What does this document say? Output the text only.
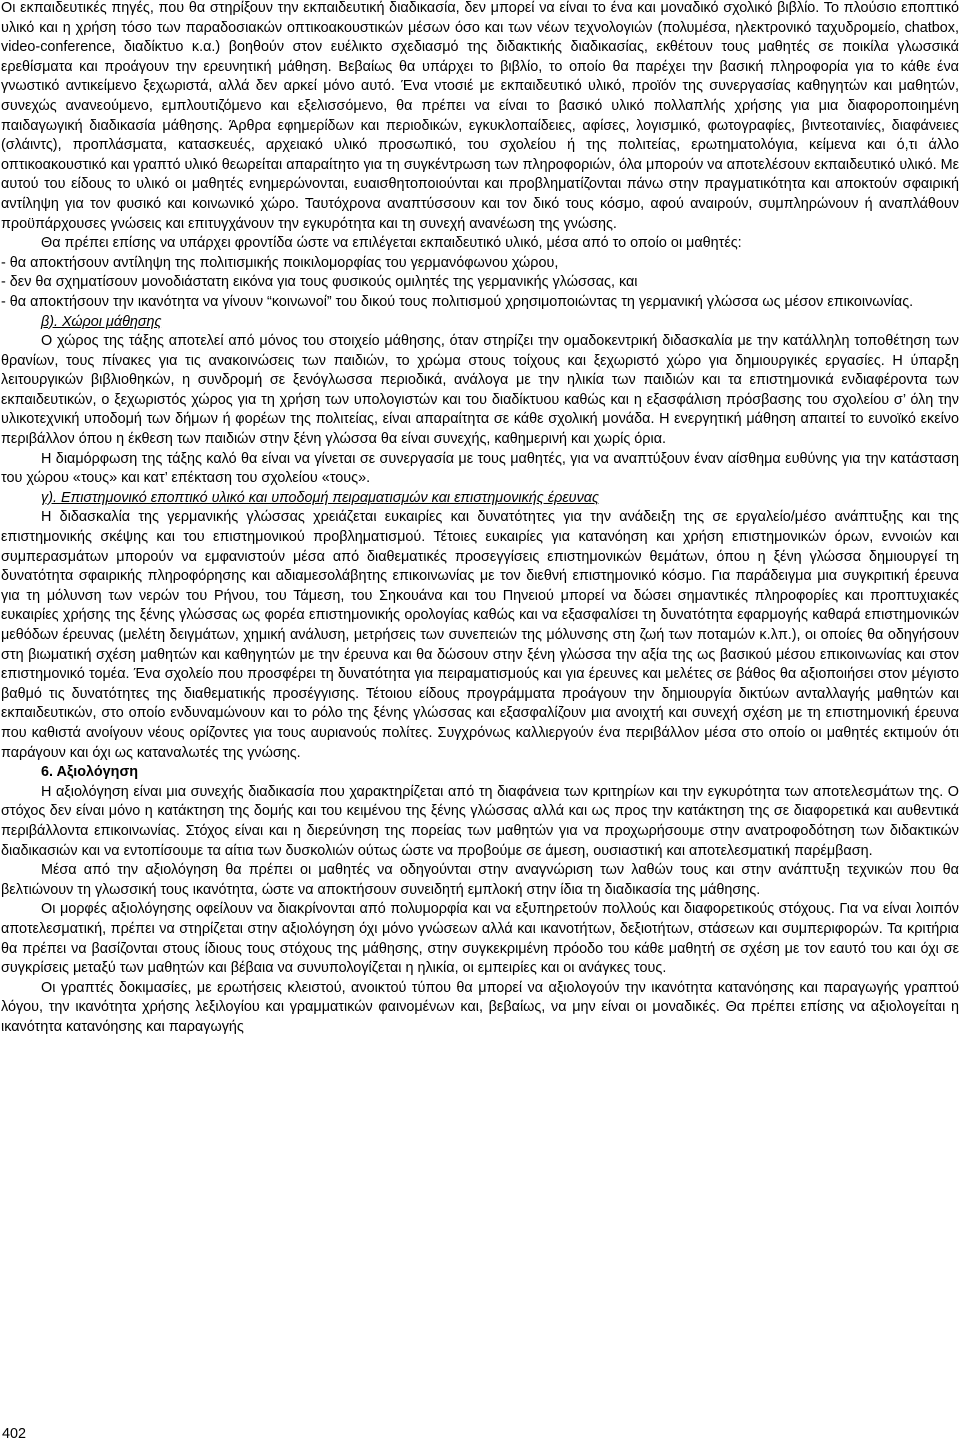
Οι εκπαιδευτικές πηγές, που θα στηρίξουν την εκπαιδευτική διαδικασία, δεν μπορεί να είναι το ένα και μοναδικό σχολικό βιβλίο. Το πλούσιο εποπτικό υλικό και η χρήση τόσο των παραδοσιακών οπτικοακουστικών μέσων όσο και των νέων τεχνολογιών (πολυμέσα, ηλεκτρονικό ταχυδρομείο, chatbox, video-conference, διαδίκτυο κ.α.) βοηθούν στον ευέλικτο σχεδιασμό της διδακτικής διαδικασίας, εκθέτουν τους μαθητές σε ποικίλα γλωσσικά ερεθίσματα και προάγουν την ερευνητική μάθηση. Βεβαίως θα υπάρχει το βιβλίο, το οποίο θα παρέχει την βασική πληροφορία για το κάθε ένα γνωστικό αντικείμενο ξεχωριστά, αλλά δεν αρκεί μόνο αυτό. Ένα ντοσιέ με εκπαιδευτικό υλικό, προϊόν της συνεργασίας καθηγητών και μαθητών, συνεχώς ανανεούμενο, εμπλουτιζόμενο και εξελισσόμενο, θα πρέπει να είναι το βασικό υλικό πολλαπλής χρήσης για μια διαφοροποιημένη παιδαγωγική διαδικασία μάθησης. Άρθρα εφημερίδων και περιοδικών, εγκυκλοπαίδειες, αφίσες, λογισμικό, φωτογραφίες, βιντεοταινίες, διαφάνειες (σλάιντς), προπλάσματα, κατασκευές, αρχειακό υλικό προσωπικό, του σχολείου ή της πολιτείας, ερωτηματολόγια, κείμενα και ό,τι άλλο οπτικοακουστικό και γραπτό υλικό θεωρείται απαραίτητο για τη συγκέντρωση των πληροφοριών, όλα μπορούν να αποτελέσουν εκπαιδευτικό υλικό. Με αυτού του είδους το υλικό οι μαθητές ενημερώνονται, ευαισθητοποιούνται και προβληματίζονται πάνω στην πραγματικότητα και αποκτούν σφαιρική αντίληψη για τον φυσικό και κοινωνικό χώρο. Ταυτόχρονα αναπτύσσουν και τον δικό τους κόσμο, αφού αναιρούν, συμπληρώνουν ή αναπλάθουν προϋπάρχουσες γνώσεις και επιτυγχάνουν την εγκυρότητα και τη συνεχή ανανέωση της γνώσης.

Θα πρέπει επίσης να υπάρχει φροντίδα ώστε να επιλέγεται εκπαιδευτικό υλικό, μέσα από το οποίο οι μαθητές:

- θα αποκτήσουν αντίληψη της πολιτισμικής ποικιλομορφίας του γερμανόφωνου χώρου,

- δεν θα σχηματίσουν μονοδιάστατη εικόνα για τους φυσικούς ομιλητές της γερμανικής γλώσσας, και

- θα αποκτήσουν την ικανότητα να γίνουν “κοινωνοί” του δικού τους πολιτισμού χρησιμοποιώντας τη γερμανική γλώσσα ως μέσον επικοινωνίας.

β). Χώροι μάθησης

Ο χώρος της τάξης αποτελεί από μόνος του στοιχείο μάθησης, όταν στηρίζει την ομαδοκεντρική διδασκαλία με την κατάλληλη τοποθέτηση των θρανίων, τους πίνακες για τις ανακοινώσεις των παιδιών, το χρώμα στους τοίχους και ξεχωριστό χώρο για δημιουργικές εργασίες. Η ύπαρξη λειτουργικών βιβλιοθηκών, η συνδρομή σε ξενόγλωσσα περιοδικά, ανάλογα με την ηλικία των παιδιών και τα επιστημονικά ενδιαφέροντα των εκπαιδευτικών, ο ξεχωριστός χώρος για τη χρήση των υπολογιστών και του διαδίκτυου καθώς και η εξασφάλιση πρόσβασης του σχολείου σ’ όλη την υλικοτεχνική υποδομή των δήμων ή φορέων της πολιτείας, είναι απαραίτητα σε κάθε σχολική μονάδα. Η ενεργητική μάθηση απαιτεί το ευνοϊκό εκείνο περιβάλλον όπου η έκθεση των παιδιών στην ξένη γλώσσα θα είναι συνεχής, καθημερινή και χωρίς όρια.

Η διαμόρφωση της τάξης καλό θα είναι να γίνεται σε συνεργασία με τους μαθητές, για να αναπτύξουν έναν αίσθημα ευθύνης για την κατάσταση του χώρου «τους» και κατ’ επέκταση του σχολείου «τους».

γ). Επιστημονικό εποπτικό υλικό και υποδομή πειραματισμών και επιστημονικής έρευνας

Η διδασκαλία της γερμανικής γλώσσας χρειάζεται ευκαιρίες και δυνατότητες για την ανάδειξη της σε εργαλείο/μέσο ανάπτυξης και της επιστημονικής σκέψης και του επιστημονικού προβληματισμού. Τέτοιες ευκαιρίες για κατανόηση και χρήση επιστημονικών όρων, εννοιών και συμπερασμάτων μπορούν να εμφανιστούν μέσα από διαθεματικές προσεγγίσεις επιστημονικών θεμάτων, όπου η ξένη γλώσσα δημιουργεί τη δυνατότητα σφαιρικής πληροφόρησης και αδιαμεσολάβητης επικοινωνίας με τον διεθνή επιστημονικό κόσμο. Για παράδειγμα μια συγκριτική έρευνα για τη μόλυνση των νερών του Ρήνου, του Τάμεση, του Σηκουάνα και του Πηνειού μπορεί να δώσει σημαντικές πληροφορίες και προπτυχιακές ευκαιρίες χρήσης της ξένης γλώσσας ως φορέα επιστημονικής ορολογίας καθώς και να εξασφαλίσει τη δυνατότητα εφαρμογής καθαρά επιστημονικών μεθόδων έρευνας (μελέτη δειγμάτων, χημική ανάλυση, μετρήσεις των συνεπειών της μόλυνσης στη ζωή των ποταμών κ.λπ.), οι οποίες θα οδηγήσουν στη βιωματική σχέση μαθητών και καθηγητών με την έρευνα και θα δώσουν στην ξένη γλώσσα την αξία της ως βασικού μέσου επικοινωνίας και στον επιστημονικό τομέα. Ένα σχολείο που προσφέρει τη δυνατότητα για πειραματισμούς και για έρευνες και μελέτες σε βάθος θα αξιοποιήσει στον μέγιστο βαθμό τις δυνατότητες της διαθεματικής προσέγγισης. Τέτοιου είδους προγράμματα προάγουν την δημιουργία δικτύων ανταλλαγής μαθητών και εκπαιδευτικών, στο οποίο ενδυναμώνουν και το ρόλο της ξένης γλώσσας και εξασφαλίζουν μια ανοιχτή και συνεχή σχέση με τη επιστημονική έρευνα που καθιστά ανοίγουν νέους ορίζοντες για τους αυριανούς πολίτες. Συγχρόνως καλλιεργούν ένα περιβάλλον μέσα στο οποίο οι μαθητές εκτιμούν ότι παράγουν και όχι ως καταναλωτές της γνώσης.

6. Αξιολόγηση

Η αξιολόγηση είναι μια συνεχής διαδικασία που χαρακτηρίζεται από τη διαφάνεια των κριτηρίων και την εγκυρότητα των αποτελεσμάτων της. Ο στόχος δεν είναι μόνο η κατάκτηση της δομής και του κειμένου της ξένης γλώσσας αλλά και ως προς την κατάκτηση της σε διαφορετικά και αυθεντικά περιβάλλοντα επικοινωνίας. Στόχος είναι και η διερεύνηση της πορείας των μαθητών για να προχωρήσουμε στην ανατροφοδότηση των διδακτικών διαδικασιών και να εντοπίσουμε τα αίτια των δυσκολιών ούτως ώστε να προβούμε σε άμεση, ουσιαστική και αποτελεσματική παρέμβαση.

Μέσα από την αξιολόγηση θα πρέπει οι μαθητές να οδηγούνται στην αναγνώριση των λαθών τους και στην ανάπτυξη τεχνικών που θα βελτιώνουν τη γλωσσική τους ικανότητα, ώστε να αποκτήσουν συνειδητή εμπλοκή στην ίδια τη διαδικασία της μάθησης.

Οι μορφές αξιολόγησης οφείλουν να διακρίνονται από πολυμορφία και να εξυπηρετούν πολλούς και διαφορετικούς στόχους. Για να είναι λοιπόν αποτελεσματική, πρέπει να στηρίζεται στην αξιολόγηση όχι μόνο γνώσεων αλλά και ικανοτήτων, δεξιοτήτων, στάσεων και συμπεριφορών. Τα κριτήρια θα πρέπει να βασίζονται στους ίδιους τους στόχους της μάθησης, στην συγκεκριμένη πρόοδο του κάθε μαθητή σε σχέση με τον εαυτό του και όχι σε συγκρίσεις μεταξύ των μαθητών και βέβαια να συνυπολογίζεται η ηλικία, οι εμπειρίες και οι ανάγκες τους.

Οι γραπτές δοκιμασίες, με ερωτήσεις κλειστού, ανοικτού τύπου θα μπορεί να αξιολογούν την ικανότητα κατανόησης και παραγωγής γραπτού λόγου, την ικανότητα χρήσης λεξιλογίου και γραμματικών φαινομένων και, βεβαίως, να μην είναι οι μοναδικές. Θα πρέπει επίσης να αξιολογείται η ικανότητα κατανόησης και παραγωγής

402
